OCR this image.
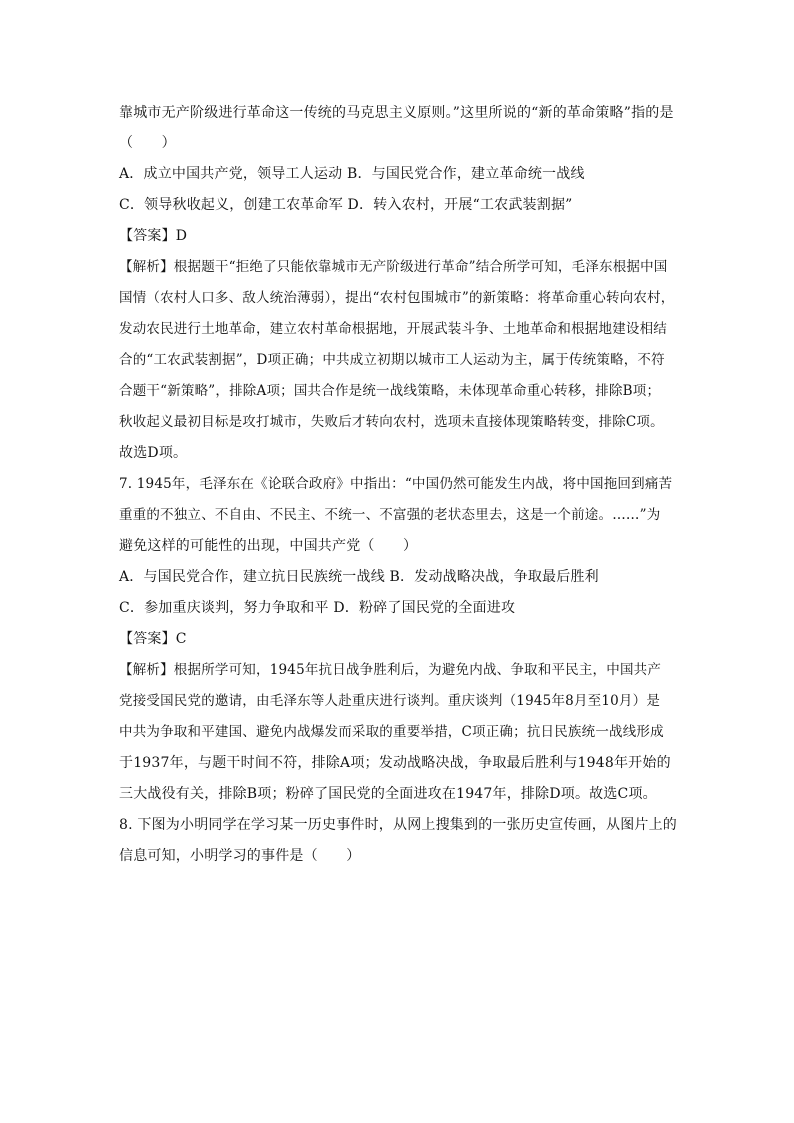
靠城市无产阶级进行革命这一传统的马克思主义原则。”这里所说的“新的革命策略”指的是
（　　）
A．成立中国共产党，领导工人运动 B．与国民党合作，建立革命统一战线
C．领导秋收起义，创建工农革命军 D．转入农村，开展“工农武装割据”
【答案】D
【解析】根据题干“拒绝了只能依靠城市无产阶级进行革命”结合所学可知，毛泽东根据中国
国情（农村人口多、敌人统治薄弱），提出“农村包围城市”的新策略：将革命重心转向农村，
发动农民进行土地革命，建立农村革命根据地，开展武装斗争、土地革命和根据地建设相结
合的“工农武装割据”，D项正确；中共成立初期以城市工人运动为主，属于传统策略，不符
合题干“新策略”，排除A项；国共合作是统一战线策略，未体现革命重心转移，排除B项；
秋收起义最初目标是攻打城市，失败后才转向农村，选项未直接体现策略转变，排除C项。
故选D项。
7. 1945年，毛泽东在《论联合政府》中指出：“中国仍然可能发生内战，将中国拖回到痛苦
重重的不独立、不自由、不民主、不统一、不富强的老状态里去，这是一个前途。……”为
避免这样的可能性的出现，中国共产党（　　）
A．与国民党合作，建立抗日民族统一战线 B．发动战略决战，争取最后胜利
C．参加重庆谈判，努力争取和平 D．粉碎了国民党的全面进攻
【答案】C
【解析】根据所学可知，1945年抗日战争胜利后，为避免内战、争取和平民主，中国共产
党接受国民党的邀请，由毛泽东等人赴重庆进行谈判。重庆谈判（1945年8月至10月）是
中共为争取和平建国、避免内战爆发而采取的重要举措，C项正确；抗日民族统一战线形成
于1937年，与题干时间不符，排除A项；发动战略决战，争取最后胜利与1948年开始的
三大战役有关，排除B项；粉碎了国民党的全面进攻在1947年，排除D项。故选C项。
8. 下图为小明同学在学习某一历史事件时，从网上搜集到的一张历史宣传画，从图片上的
信息可知，小明学习的事件是（　　）
